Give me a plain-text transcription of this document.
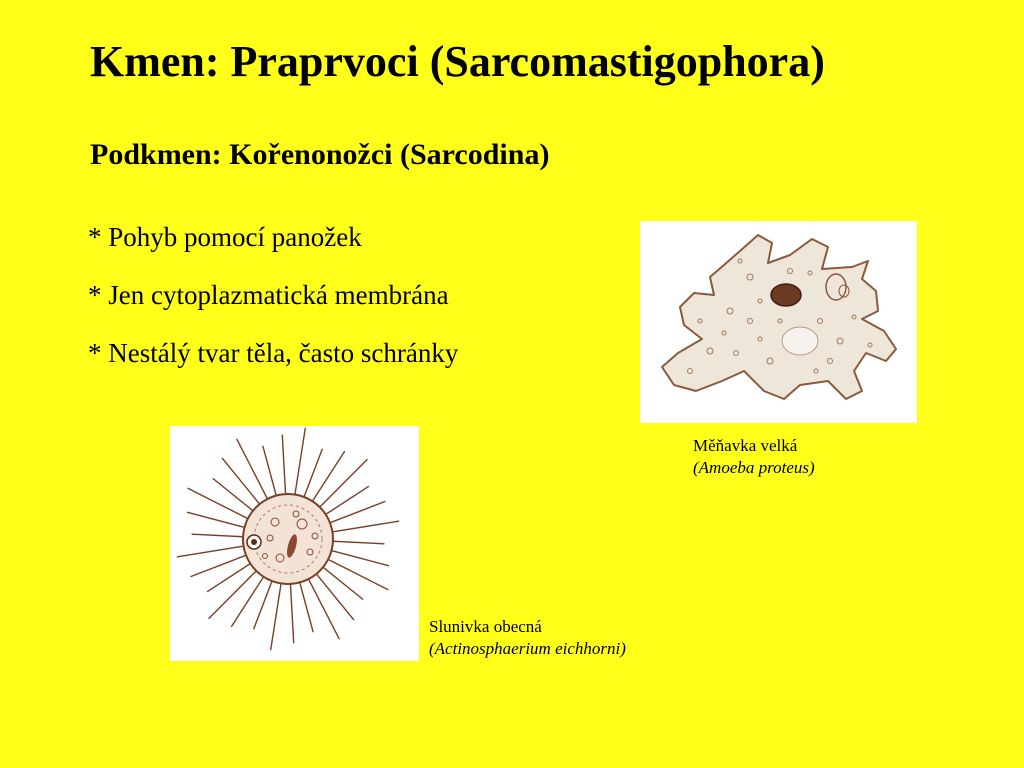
Kmen: Praprvoci (Sarcomastigophora)
Podkmen: Kořenonožci (Sarcodina)
* Pohyb pomocí panožek
* Jen cytoplazmatická membrána
* Nestálý tvar těla, často schránky
Měňavka velká
(Amoeba proteus)
Slunivka obecná
(Actinosphaerium eichhorni)
